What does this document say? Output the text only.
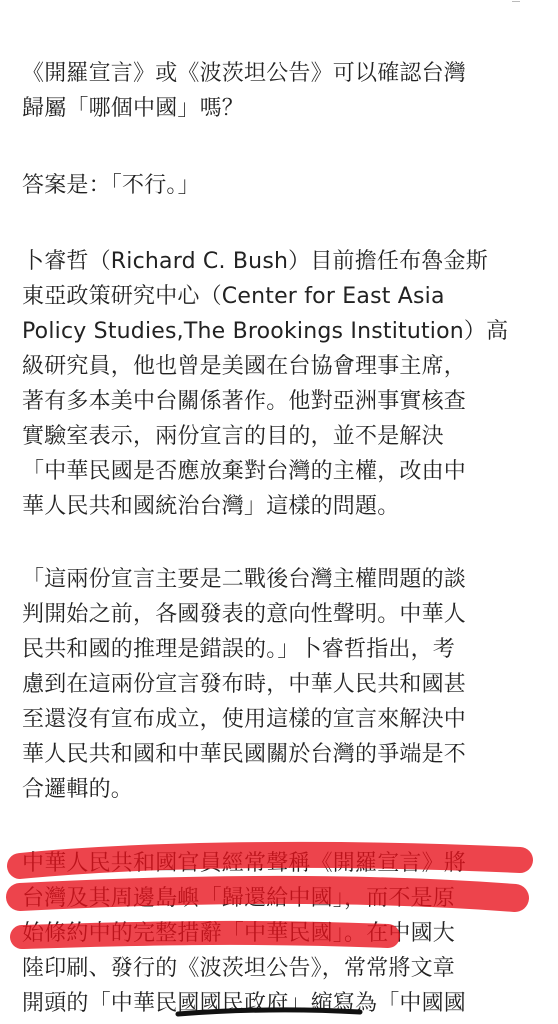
《開羅宣言》或《波茨坦公告》可以確認台灣
歸屬「哪個中國」嗎？

答案是：「不行。」

卜睿哲（Richard C. Bush）目前擔任布魯金斯
東亞政策研究中心（Center for East Asia
Policy Studies,The Brookings Institution）高
級研究員，他也曾是美國在台協會理事主席，
著有多本美中台關係著作。他對亞洲事實核查
實驗室表示，兩份宣言的目的，並不是解決
「中華民國是否應放棄對台灣的主權，改由中
華人民共和國統治台灣」這樣的問題。

「這兩份宣言主要是二戰後台灣主權問題的談
判開始之前，各國發表的意向性聲明。中華人
民共和國的推理是錯誤的。」卜睿哲指出，考
慮到在這兩份宣言發布時，中華人民共和國甚
至還沒有宣布成立，使用這樣的宣言來解決中
華人民共和國和中華民國關於台灣的爭端是不
合邏輯的。

中華人民共和國官員經常聲稱《開羅宣言》將
台灣及其周邊島嶼「歸還給中國」，而不是原
始條約中的完整措辭「中華民國」。在中國大
陸印刷、發行的《波茨坦公告》，常常將文章
開頭的「中華民國國民政府」縮寫為「中國國
